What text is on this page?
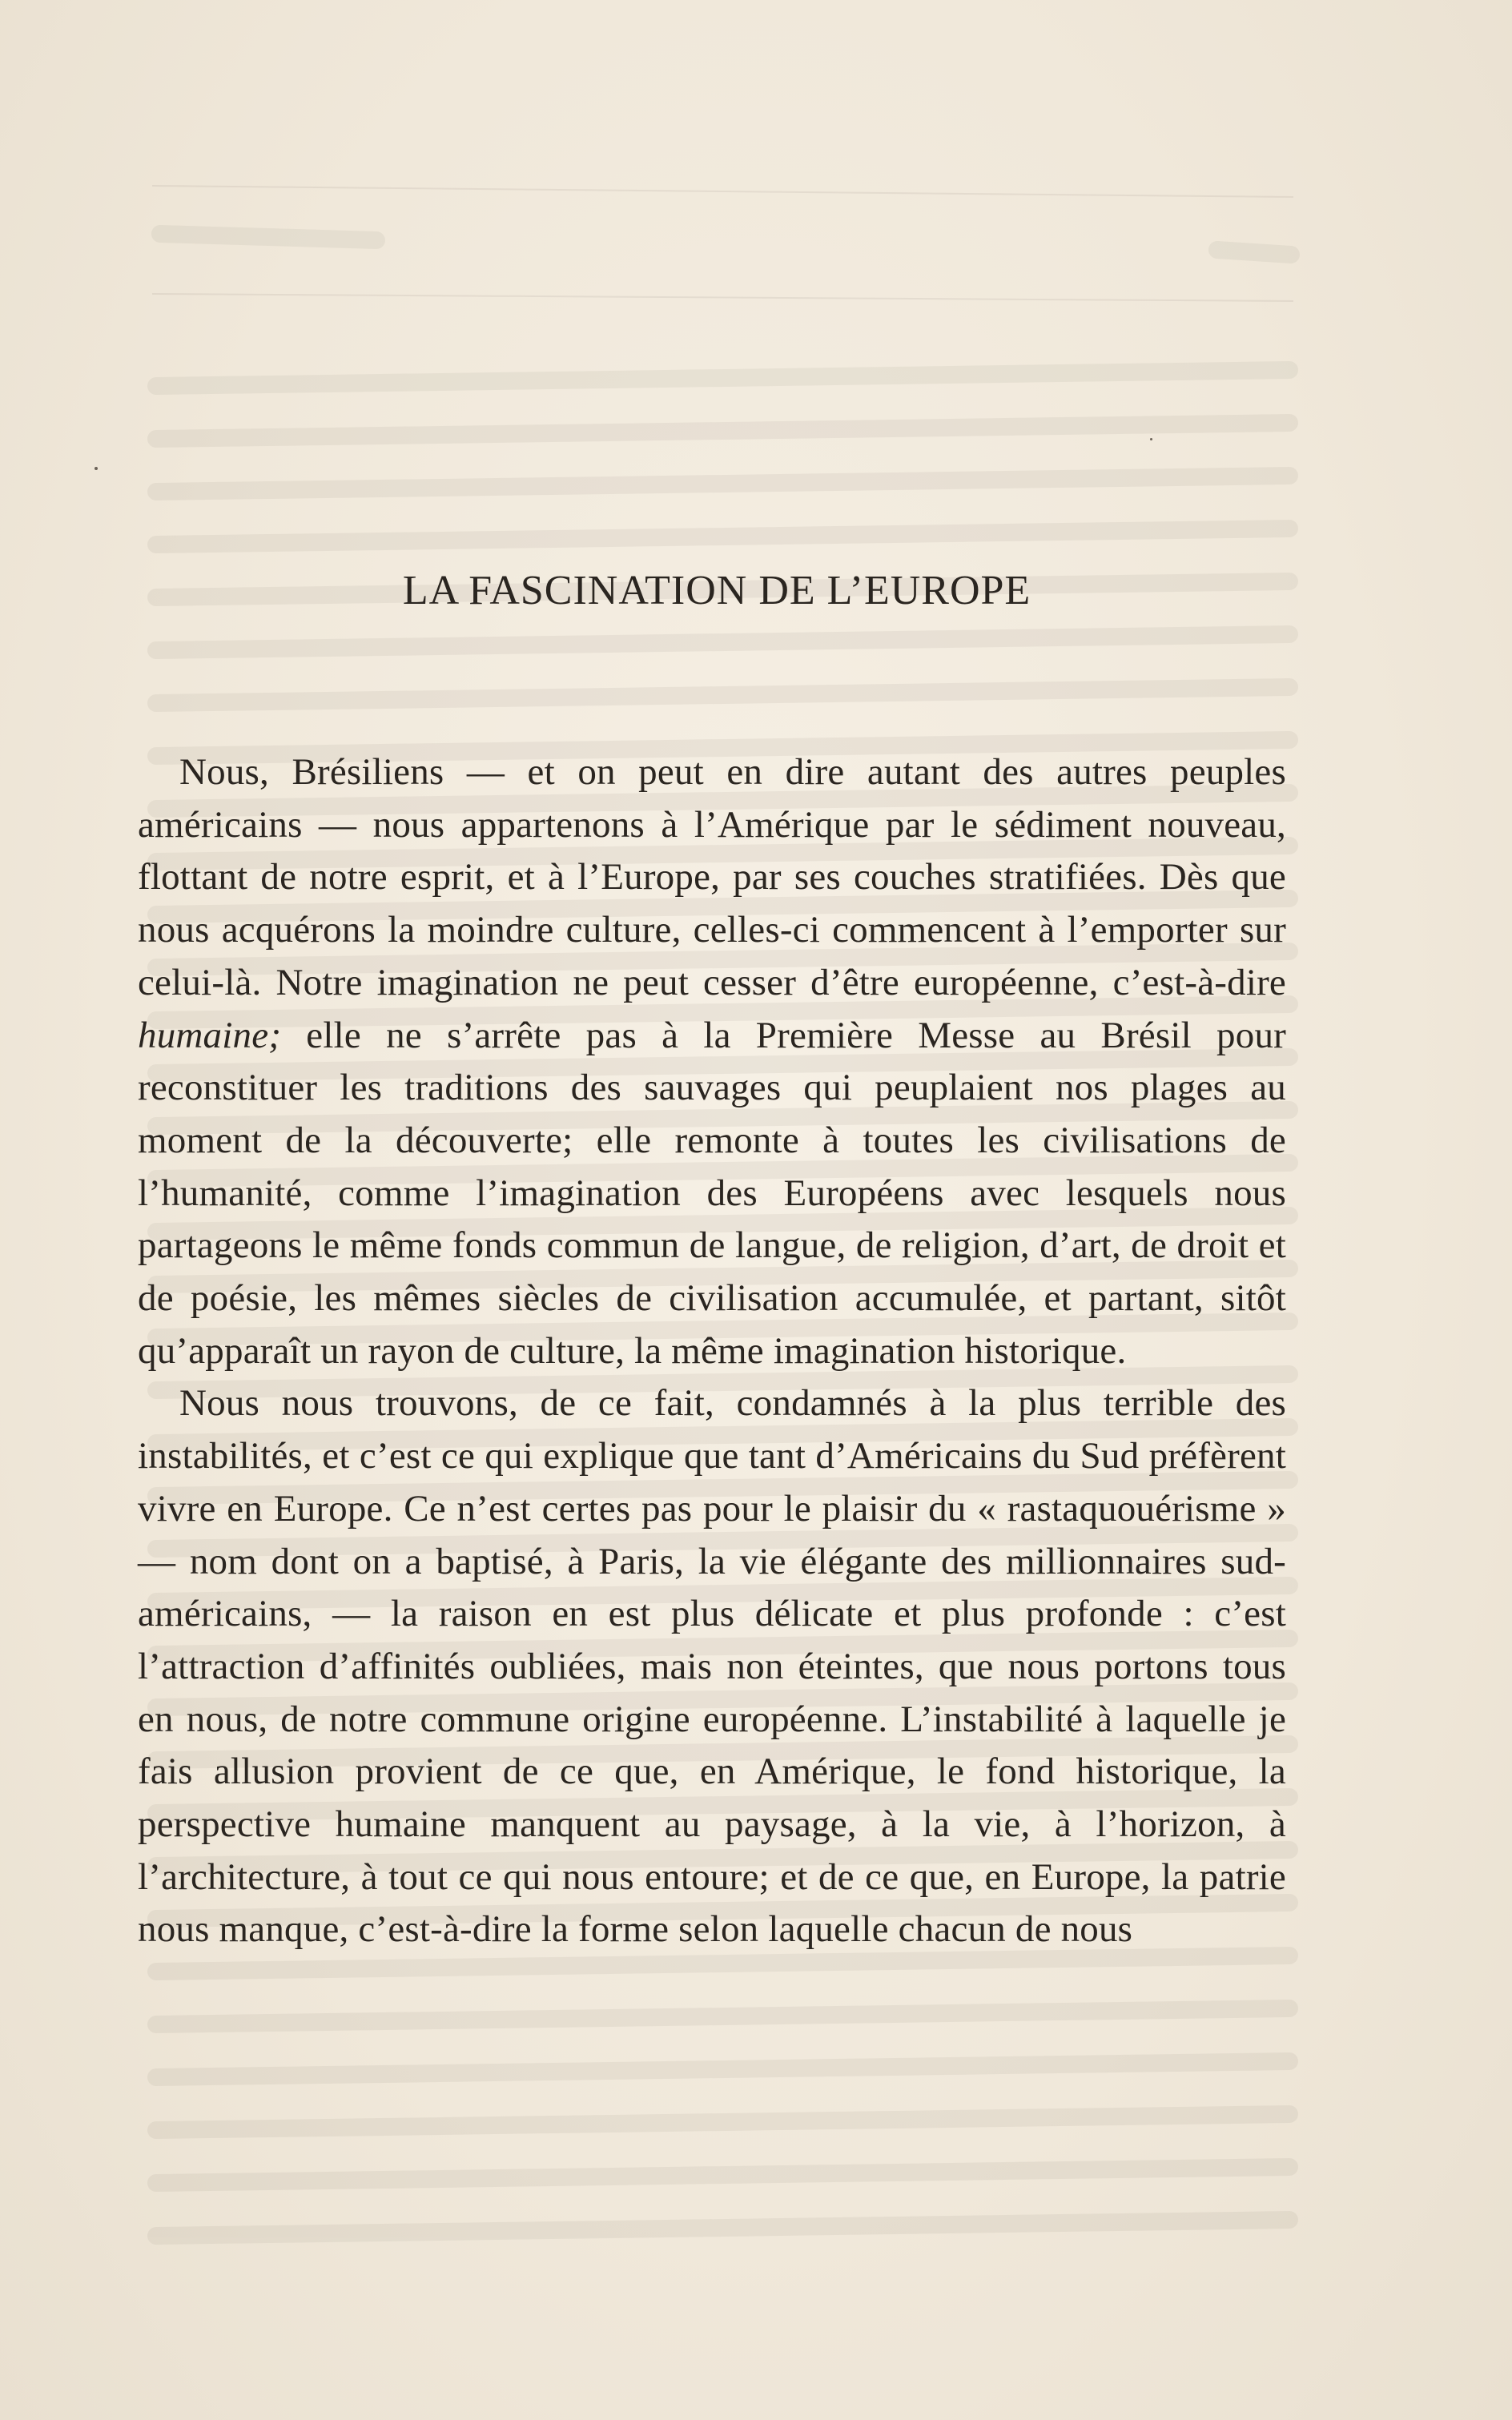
LA FASCINATION DE L’EUROPE

Nous, Brésiliens — et on peut en dire autant des autres peuples américains — nous appartenons à l’Amérique par le sédiment nouveau, flottant de notre esprit, et à l’Europe, par ses couches stratifiées. Dès que nous acquérons la moindre culture, celles-ci commencent à l’emporter sur celui-là. Notre imagination ne peut cesser d’être européenne, c’est-à-dire humaine; elle ne s’arrête pas à la Première Messe au Brésil pour reconstituer les traditions des sauvages qui peuplaient nos plages au moment de la découverte; elle remonte à toutes les civilisations de l’humanité, comme l’imagination des Européens avec lesquels nous partageons le même fonds commun de langue, de religion, d’art, de droit et de poésie, les mêmes siècles de civilisation accumulée, et partant, sitôt qu’apparaît un rayon de culture, la même imagination historique.

Nous nous trouvons, de ce fait, condamnés à la plus terrible des instabilités, et c’est ce qui explique que tant d’Américains du Sud préfèrent vivre en Europe. Ce n’est certes pas pour le plaisir du « rastaquouérisme » — nom dont on a baptisé, à Paris, la vie élégante des millionnaires sud-américains, — la raison en est plus délicate et plus profonde : c’est l’attraction d’affinités oubliées, mais non éteintes, que nous portons tous en nous, de notre commune origine européenne. L’instabilité à laquelle je fais allusion provient de ce que, en Amérique, le fond historique, la perspective humaine manquent au paysage, à la vie, à l’horizon, à l’architecture, à tout ce qui nous entoure; et de ce que, en Europe, la patrie nous manque, c’est-à-dire la forme selon laquelle chacun de nous
